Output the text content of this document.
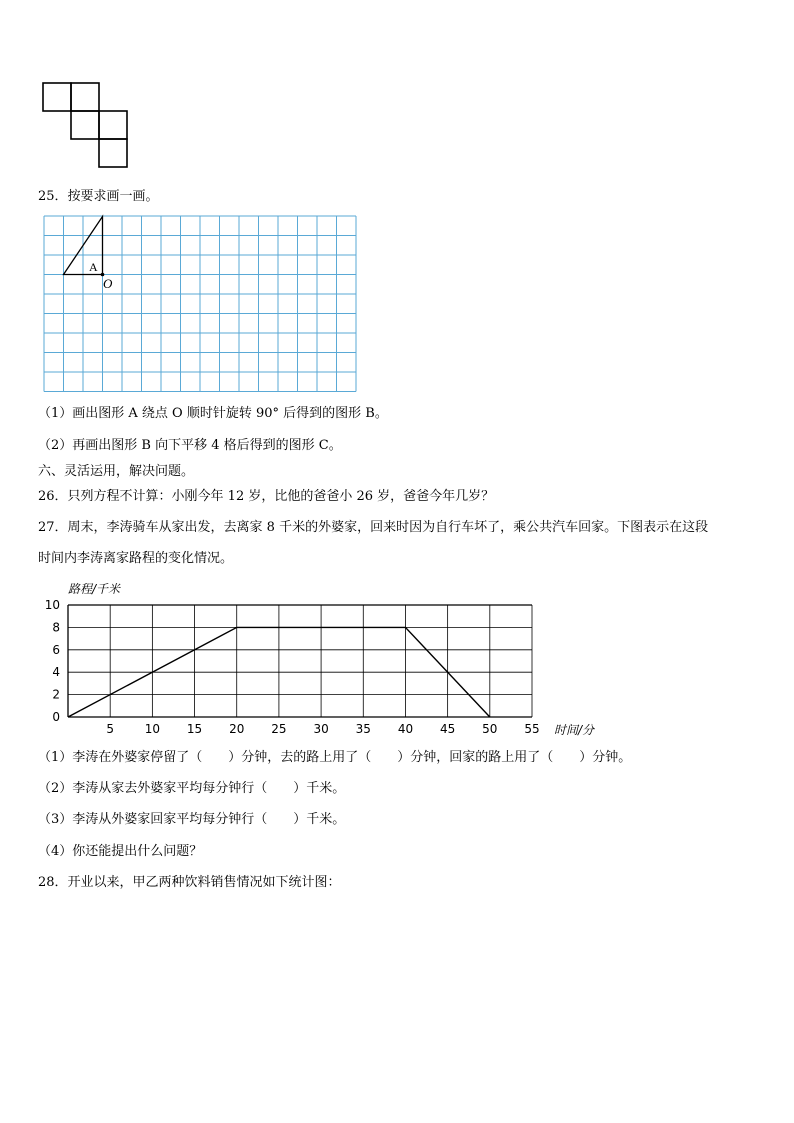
25．按要求画一画。
A
O
（1）画出图形 A 绕点 O 顺时针旋转 90° 后得到的图形 B。
（2）再画出图形 B 向下平移 4 格后得到的图形 C。
六、灵活运用，解决问题。
26．只列方程不计算：小刚今年 12 岁，比他的爸爸小 26 岁，爸爸今年几岁？
27．周末，李涛骑车从家出发，去离家 8 千米的外婆家，回来时因为自行车坏了，乘公共汽车回家。下图表示在这段
时间内李涛离家路程的变化情况。
0
2
4
6
8
10
5	10 15 20 25 30 35 40 45 50 55
路程/千米
时间/分
（1）李涛在外婆家停留了（　　）分钟，去的路上用了（　　）分钟，回家的路上用了（　　）分钟。
（2）李涛从家去外婆家平均每分钟行（　　）千米。
（3）李涛从外婆家回家平均每分钟行（　　）千米。
（4）你还能提出什么问题？
28．开业以来，甲乙两种饮料销售情况如下统计图：
